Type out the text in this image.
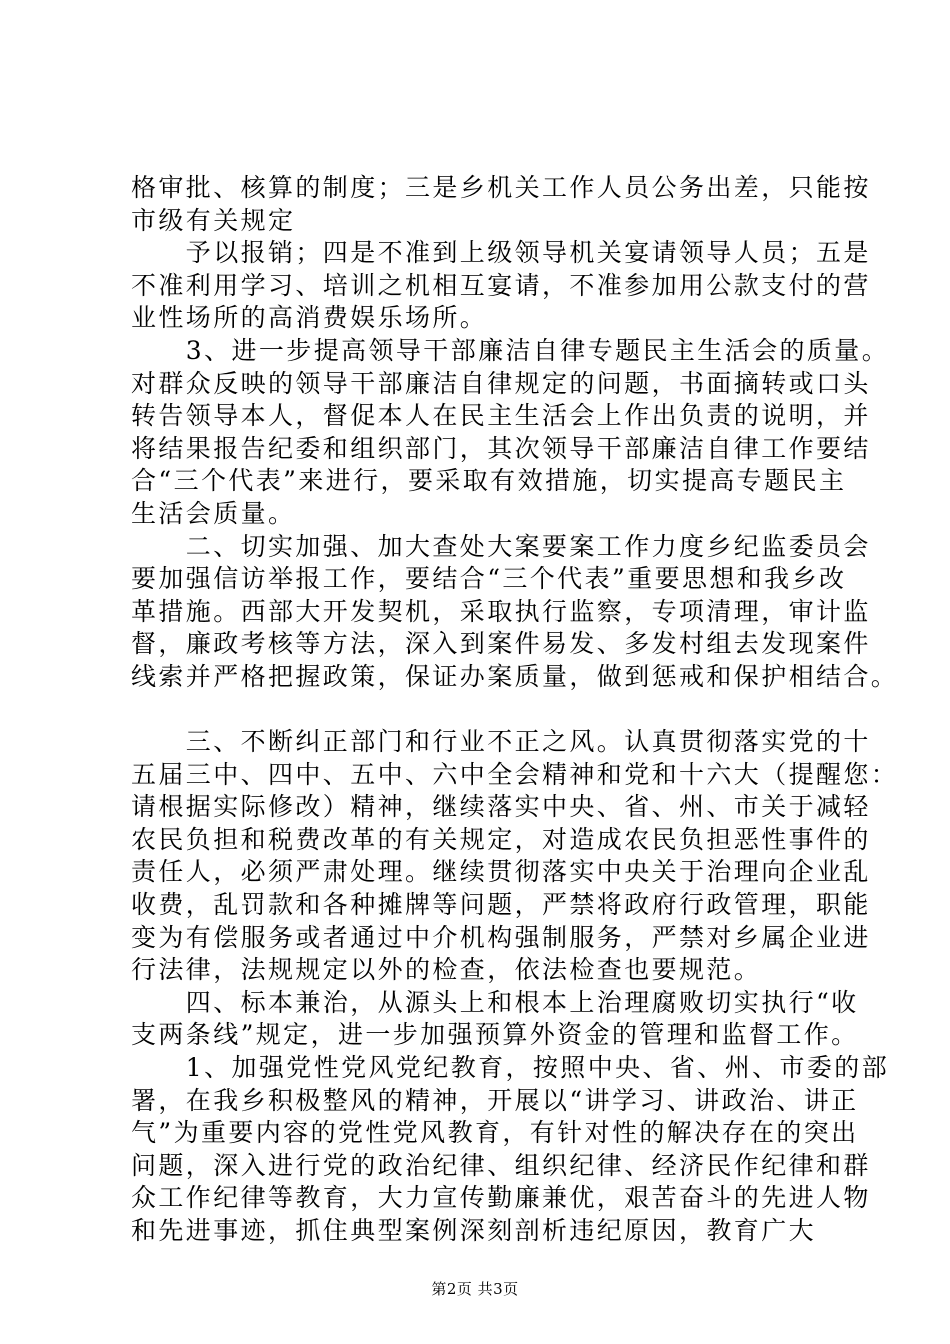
格审批、核算的制度；三是乡机关工作人员公务出差，只能按
市级有关规定
　　予以报销；四是不准到上级领导机关宴请领导人员；五是
不准利用学习、培训之机相互宴请，不准参加用公款支付的营
业性场所的高消费娱乐场所。
　　3、进一步提高领导干部廉洁自律专题民主生活会的质量。
对群众反映的领导干部廉洁自律规定的问题，书面摘转或口头
转告领导本人，督促本人在民主生活会上作出负责的说明，并
将结果报告纪委和组织部门，其次领导干部廉洁自律工作要结
合“三个代表”来进行，要采取有效措施，切实提高专题民主
生活会质量。
　　二、切实加强、加大查处大案要案工作力度乡纪监委员会
要加强信访举报工作，要结合“三个代表”重要思想和我乡改
革措施。西部大开发契机，采取执行监察，专项清理，审计监
督，廉政考核等方法，深入到案件易发、多发村组去发现案件
线索并严格把握政策，保证办案质量，做到惩戒和保护相结合。
　　三、不断纠正部门和行业不正之风。认真贯彻落实党的十
五届三中、四中、五中、六中全会精神和党和十六大（提醒您：
请根据实际修改）精神，继续落实中央、省、州、市关于减轻
农民负担和税费改革的有关规定，对造成农民负担恶性事件的
责任人，必须严肃处理。继续贯彻落实中央关于治理向企业乱
收费，乱罚款和各种摊牌等问题，严禁将政府行政管理，职能
变为有偿服务或者通过中介机构强制服务，严禁对乡属企业进
行法律，法规规定以外的检查，依法检查也要规范。
　　四、标本兼治，从源头上和根本上治理腐败切实执行“收
支两条线”规定，进一步加强预算外资金的管理和监督工作。
　　1、加强党性党风党纪教育，按照中央、省、州、市委的部
署，在我乡积极整风的精神，开展以“讲学习、讲政治、讲正
气”为重要内容的党性党风教育，有针对性的解决存在的突出
问题，深入进行党的政治纪律、组织纪律、经济民作纪律和群
众工作纪律等教育，大力宣传勤廉兼优，艰苦奋斗的先进人物
和先进事迹，抓住典型案例深刻剖析违纪原因，教育广大
第2页 共3页
